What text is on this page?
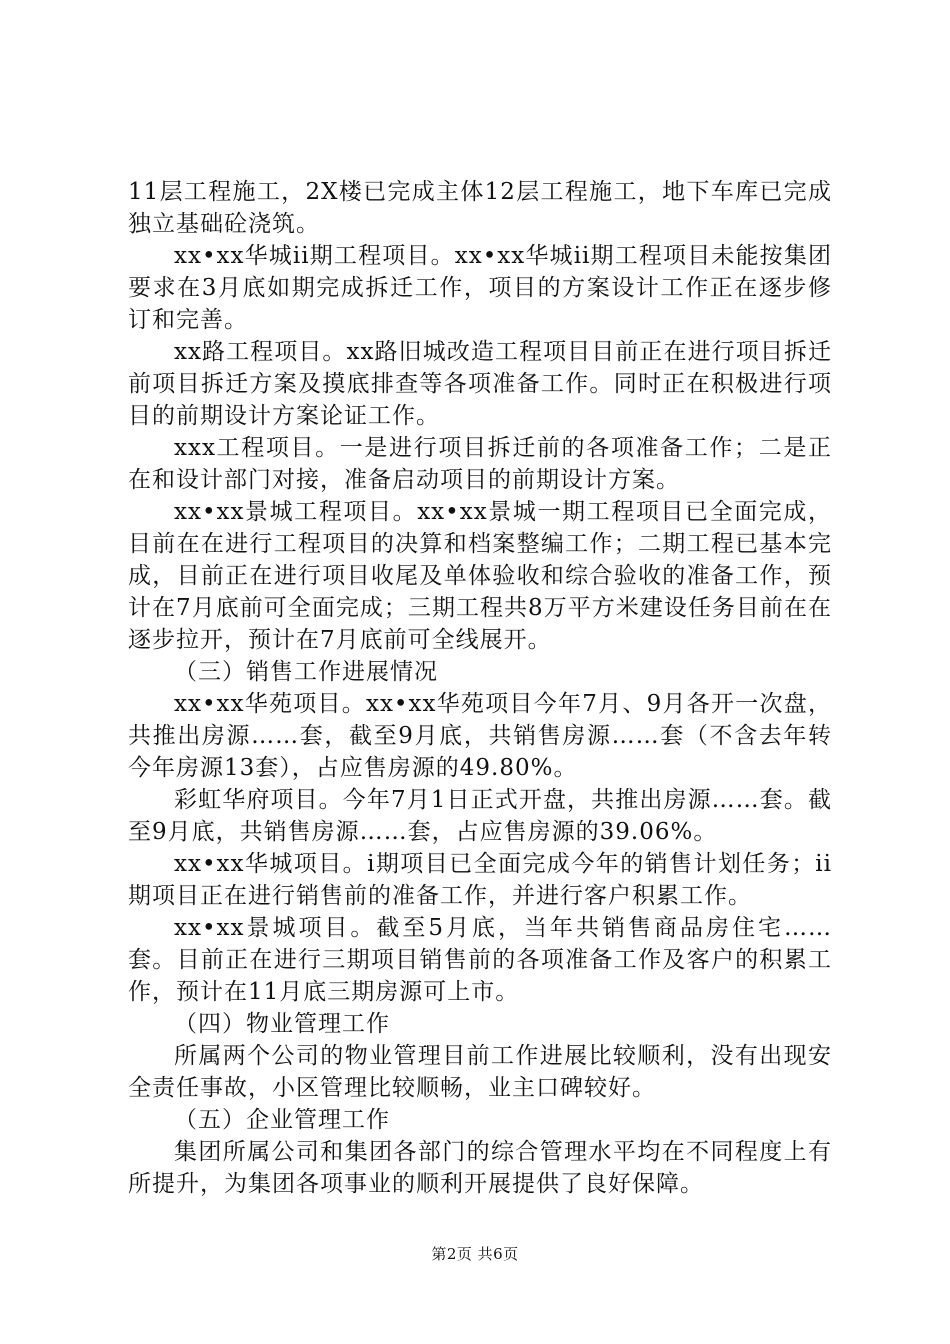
11层工程施工，2X楼已完成主体12层工程施工，地下车库已完成独立基础砼浇筑。

xx•xx华城ii期工程项目。xx•xx华城ii期工程项目未能按集团要求在3月底如期完成拆迁工作，项目的方案设计工作正在逐步修订和完善。

xx路工程项目。xx路旧城改造工程项目目前正在进行项目拆迁前项目拆迁方案及摸底排查等各项准备工作。同时正在积极进行项目的前期设计方案论证工作。

xxx工程项目。一是进行项目拆迁前的各项准备工作；二是正在和设计部门对接，准备启动项目的前期设计方案。

xx•xx景城工程项目。xx•xx景城一期工程项目已全面完成，目前在在进行工程项目的决算和档案整编工作；二期工程已基本完成，目前正在进行项目收尾及单体验收和综合验收的准备工作，预计在7月底前可全面完成；三期工程共8万平方米建设任务目前在在逐步拉开，预计在7月底前可全线展开。

（三）销售工作进展情况

xx•xx华苑项目。xx•xx华苑项目今年7月、9月各开一次盘，共推出房源……套，截至9月底，共销售房源……套（不含去年转今年房源13套），占应售房源的49.80%。

彩虹华府项目。今年7月1日正式开盘，共推出房源……套。截至9月底，共销售房源……套，占应售房源的39.06%。

xx•xx华城项目。i期项目已全面完成今年的销售计划任务；ii期项目正在进行销售前的准备工作，并进行客户积累工作。

xx•xx景城项目。截至5月底，当年共销售商品房住宅……套。目前正在进行三期项目销售前的各项准备工作及客户的积累工作，预计在11月底三期房源可上市。

（四）物业管理工作

所属两个公司的物业管理目前工作进展比较顺利，没有出现安全责任事故，小区管理比较顺畅，业主口碑较好。

（五）企业管理工作

集团所属公司和集团各部门的综合管理水平均在不同程度上有所提升，为集团各项事业的顺利开展提供了良好保障。

第2页 共6页
